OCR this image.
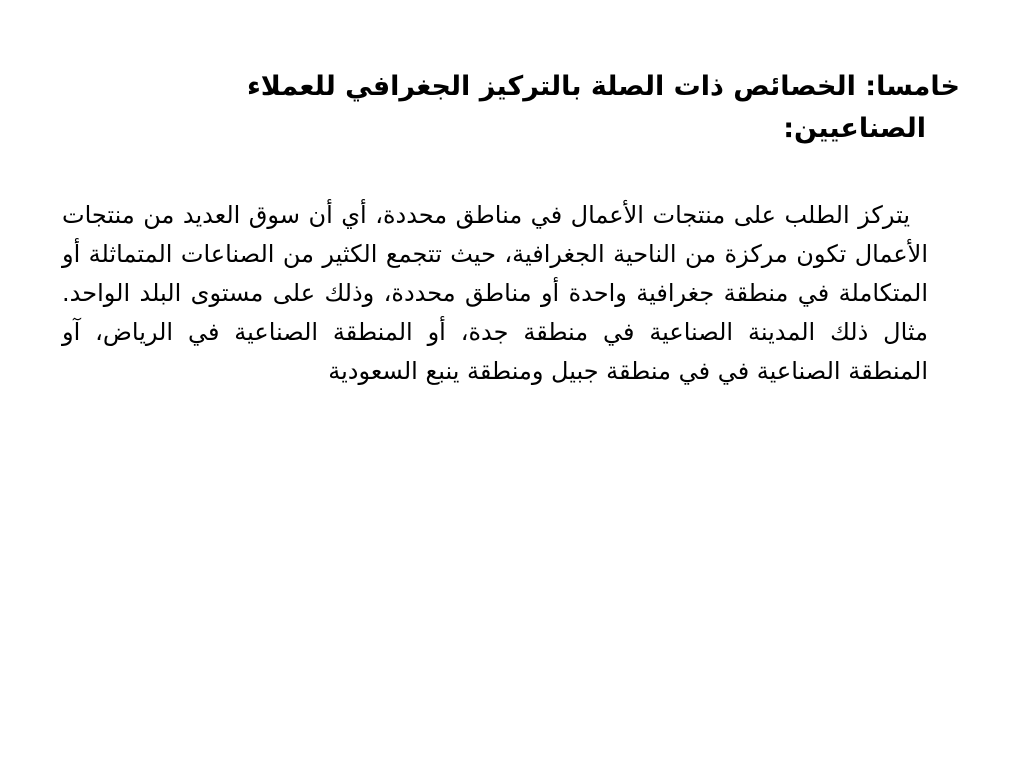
خامسا: الخصائص ذات الصلة بالتركيز الجغرافي للعملاء
الصناعيين:

يتركز الطلب على منتجات الأعمال في مناطق محددة، أي أن سوق العديد من منتجات الأعمال تكون مركزة من الناحية الجغرافية، حيث تتجمع الكثير من الصناعات المتماثلة أو المتكاملة في منطقة جغرافية واحدة أو مناطق محددة، وذلك على مستوى البلد الواحد. مثال ذلك المدينة الصناعية في منطقة جدة، أو المنطقة الصناعية في الرياض، آو المنطقة الصناعية في في منطقة جبيل ومنطقة ينبع السعودية
